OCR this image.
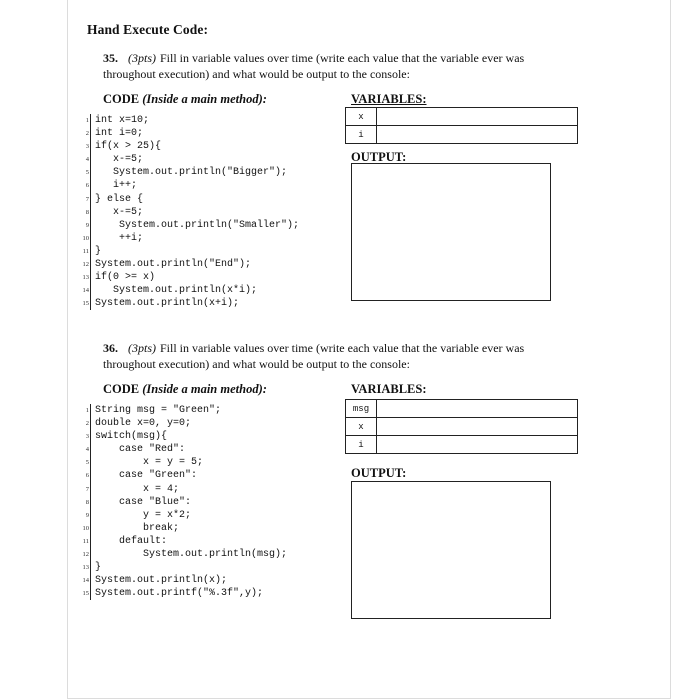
Hand Execute Code:
35. (3pts) Fill in variable values over time (write each value that the variable ever was
throughout execution) and what would be output to the console:
CODE (Inside a main method):	VARIABLES:
x	
i	
OUTPUT:
1 int x=10;
2 int i=0;
3 if(x > 25){
4 x-=5;
5 System.out.println("Bigger");
6 i++;
7 } else {
8 x-=5;
9 System.out.println("Smaller");
10 ++i;
11 }
12 System.out.println("End");
13 if(0 >= x)
14 System.out.println(x*i);
15 System.out.println(x+i);
36. (3pts) Fill in variable values over time (write each value that the variable ever was
throughout execution) and what would be output to the console:
CODE (Inside a main method):	VARIABLES:
msg	
x	
i	
OUTPUT:
1 String msg = "Green";
2 double x=0, y=0;
3 switch(msg){
4 case "Red":
5 x = y = 5;
6 case "Green":
7 x = 4;
8 case "Blue":
9 y = x*2;
10 break;
11 default:
12 System.out.println(msg);
13 }
14 System.out.println(x);
15 System.out.printf("%.3f",y);
